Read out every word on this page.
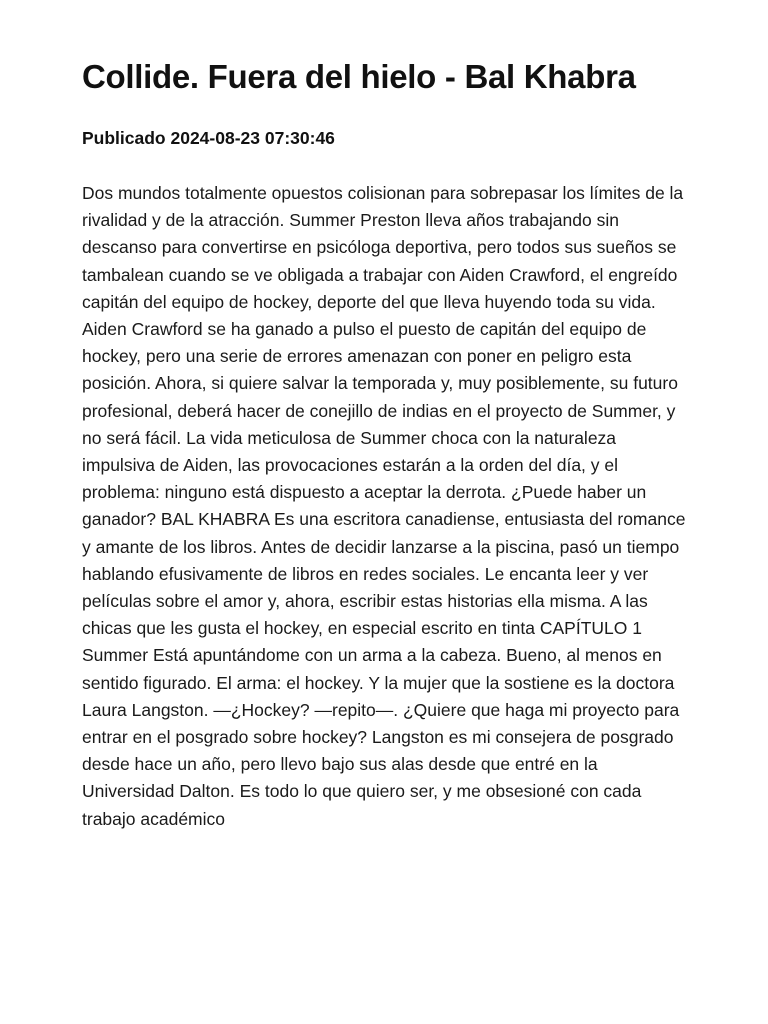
Collide. Fuera del hielo - Bal Khabra
Publicado 2024-08-23 07:30:46

Dos mundos totalmente opuestos colisionan para sobrepasar los límites de la rivalidad y de la atracción. Summer Preston lleva años trabajando sin descanso para convertirse en psicóloga deportiva, pero todos sus sueños se tambalean cuando se ve obligada a trabajar con Aiden Crawford, el engreído capitán del equipo de hockey, deporte del que lleva huyendo toda su vida. Aiden Crawford se ha ganado a pulso el puesto de capitán del equipo de hockey, pero una serie de errores amenazan con poner en peligro esta posición. Ahora, si quiere salvar la temporada y, muy posiblemente, su futuro profesional, deberá hacer de conejillo de indias en el proyecto de Summer, y no será fácil. La vida meticulosa de Summer choca con la naturaleza impulsiva de Aiden, las provocaciones estarán a la orden del día, y el problema: ninguno está dispuesto a aceptar la derrota. ¿Puede haber un ganador? BAL KHABRA Es una escritora canadiense, entusiasta del romance y amante de los libros. Antes de decidir lanzarse a la piscina, pasó un tiempo hablando efusivamente de libros en redes sociales. Le encanta leer y ver películas sobre el amor y, ahora, escribir estas historias ella misma. A las chicas que les gusta el hockey, en especial escrito en tinta CAPÍTULO 1 Summer Está apuntándome con un arma a la cabeza. Bueno, al menos en sentido figurado. El arma: el hockey. Y la mujer que la sostiene es la doctora Laura Langston. —¿Hockey? —repito—. ¿Quiere que haga mi proyecto para entrar en el posgrado sobre hockey? Langston es mi consejera de posgrado desde hace un año, pero llevo bajo sus alas desde que entré en la Universidad Dalton. Es todo lo que quiero ser, y me obsesioné con cada trabajo académico
